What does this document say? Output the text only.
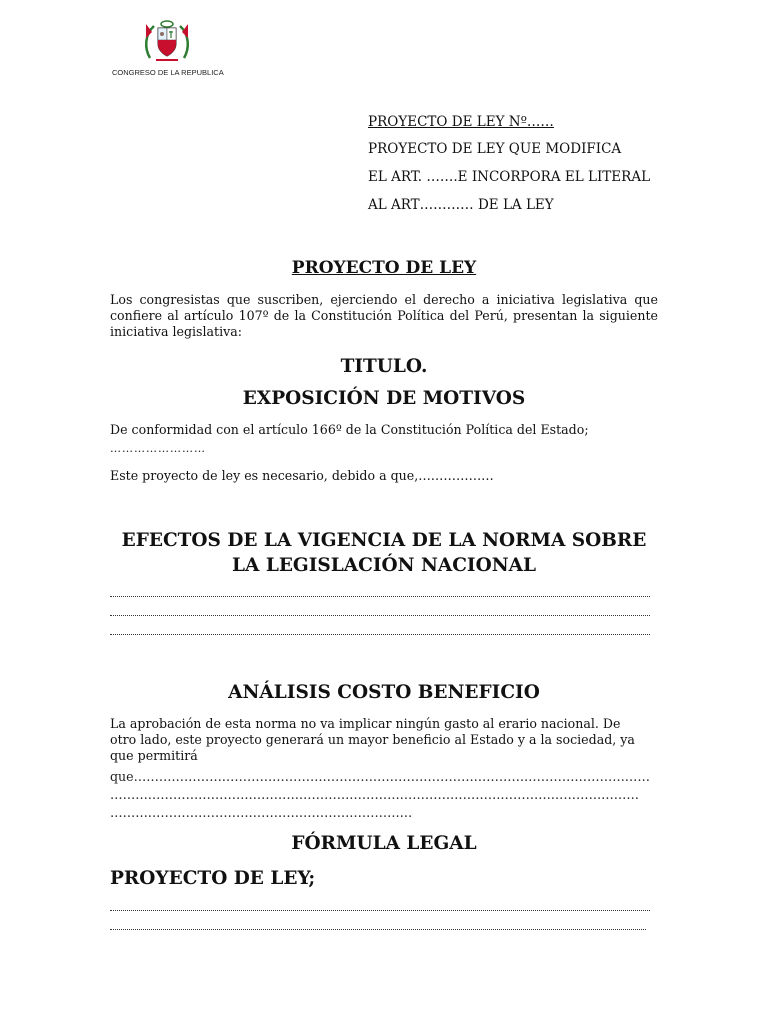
CONGRESO DE LA REPUBLICA
PROYECTO DE LEY Nº……
PROYECTO DE LEY QUE MODIFICA
EL ART. …….E INCORPORA EL LITERAL
AL ART………… DE LA LEY
PROYECTO DE LEY
Los congresistas que suscriben, ejerciendo el derecho a iniciativa legislativa que confiere al artículo 107º de la Constitución Política del Perú, presentan la siguiente iniciativa legislativa:
TITULO.
EXPOSICIÓN DE MOTIVOS
De conformidad con el artículo 166º de la Constitución Política del Estado;
……………………
Este proyecto de ley es necesario, debido a que,………………
EFECTOS DE LA VIGENCIA DE LA NORMA SOBRE
LA LEGISLACIÓN NACIONAL
ANÁLISIS COSTO BENEFICIO
La aprobación de esta norma no va implicar ningún gasto al erario nacional. De otro lado, este proyecto generará un mayor beneficio al Estado y a la sociedad, ya que permitirá
que……………………………………………………………………………………………………………
………………………………………………………………………………………………………………
………………………………………………………………
FÓRMULA LEGAL
PROYECTO DE LEY;
